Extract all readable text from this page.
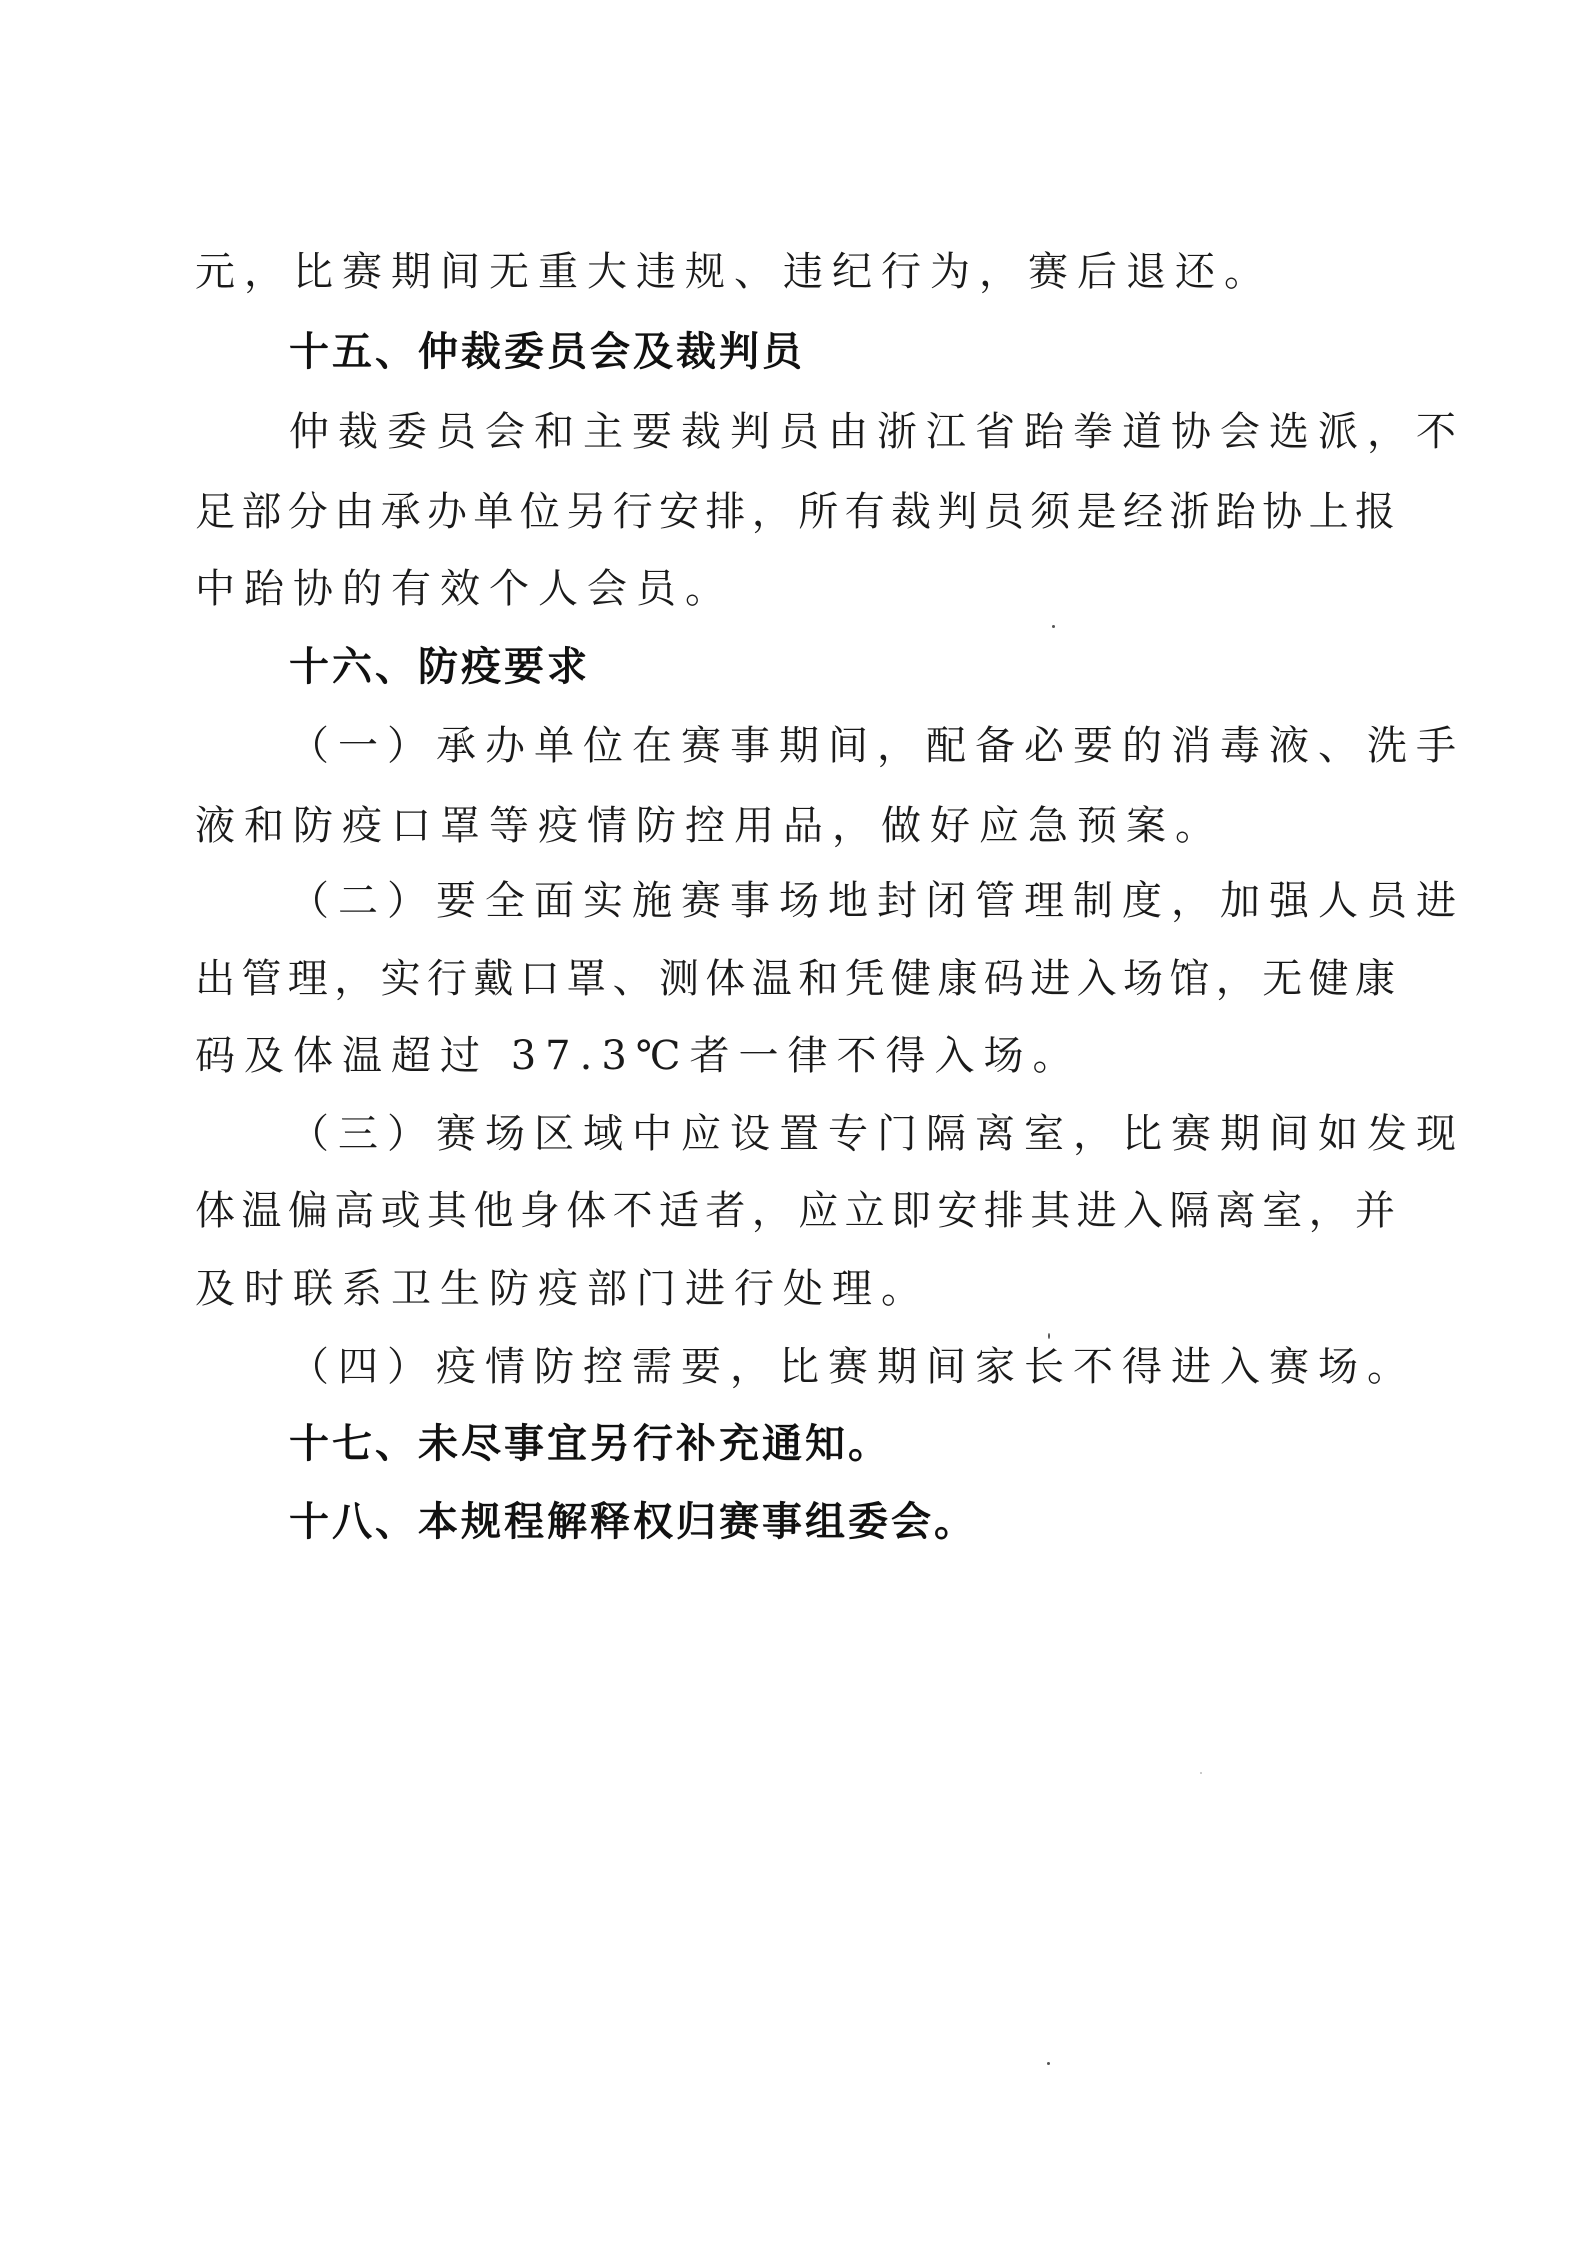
元，比赛期间无重大违规、违纪行为，赛后退还。
十五、仲裁委员会及裁判员
仲裁委员会和主要裁判员由浙江省跆拳道协会选派，不
足部分由承办单位另行安排，所有裁判员须是经浙跆协上报
中跆协的有效个人会员。
十六、防疫要求
（一）承办单位在赛事期间，配备必要的消毒液、洗手
液和防疫口罩等疫情防控用品，做好应急预案。
（二）要全面实施赛事场地封闭管理制度，加强人员进
出管理，实行戴口罩、测体温和凭健康码进入场馆，无健康
码及体温超过 37.3℃者一律不得入场。
（三）赛场区域中应设置专门隔离室，比赛期间如发现
体温偏高或其他身体不适者，应立即安排其进入隔离室，并
及时联系卫生防疫部门进行处理。
（四）疫情防控需要，比赛期间家长不得进入赛场。
十七、未尽事宜另行补充通知。
十八、本规程解释权归赛事组委会。
